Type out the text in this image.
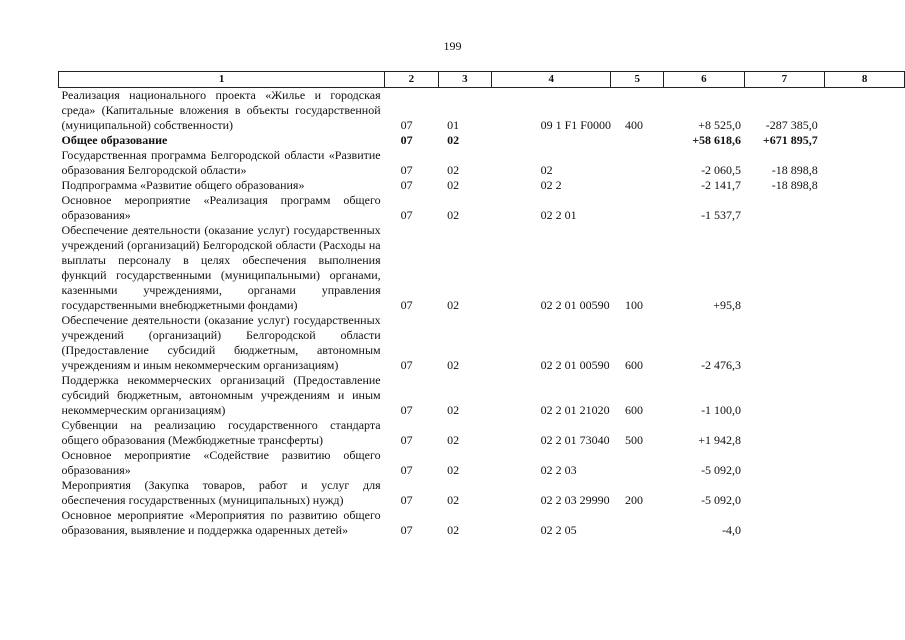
199
1	2	3	4	5	6	7	8
Реализация национального проекта «Жилье и городская среда» (Капитальные вложения в объекты государственной (муниципальной) собственности)	07	01	09 1 F1 F0000	400	+8 525,0	-287 385,0	
Общее образование	07	02			+58 618,6	+671 895,7	
Государственная программа Белгородской области «Развитие образования Белгородской области»	07	02	02		-2 060,5	-18 898,8	
Подпрограмма «Развитие общего образования»	07	02	02 2		-2 141,7	-18 898,8	
Основное мероприятие «Реализация программ общего образования»	07	02	02 2 01		-1 537,7		
Обеспечение деятельности (оказание услуг) государственных учреждений (организаций) Белгородской области (Расходы на выплаты персоналу в целях обеспечения выполнения функций государственными (муниципальными) органами, казенными учреждениями, органами управления государственными внебюджетными фондами)	07	02	02 2 01 00590	100	+95,8		
Обеспечение деятельности (оказание услуг) государственных учреждений (организаций) Белгородской области (Предоставление субсидий бюджетным, автономным учреждениям и иным некоммерческим организациям)	07	02	02 2 01 00590	600	-2 476,3		
Поддержка некоммерческих организаций (Предоставление субсидий бюджетным, автономным учреждениям и иным некоммерческим организациям)	07	02	02 2 01 21020	600	-1 100,0		
Субвенции на реализацию государственного стандарта общего образования (Межбюджетные трансферты)	07	02	02 2 01 73040	500	+1 942,8		
Основное мероприятие «Содействие развитию общего образования»	07	02	02 2 03		-5 092,0		
Мероприятия (Закупка товаров, работ и услуг для обеспечения государственных (муниципальных) нужд)	07	02	02 2 03 29990	200	-5 092,0		
Основное мероприятие «Мероприятия по развитию общего образования, выявление и поддержка одаренных детей»	07	02	02 2 05		-4,0		
